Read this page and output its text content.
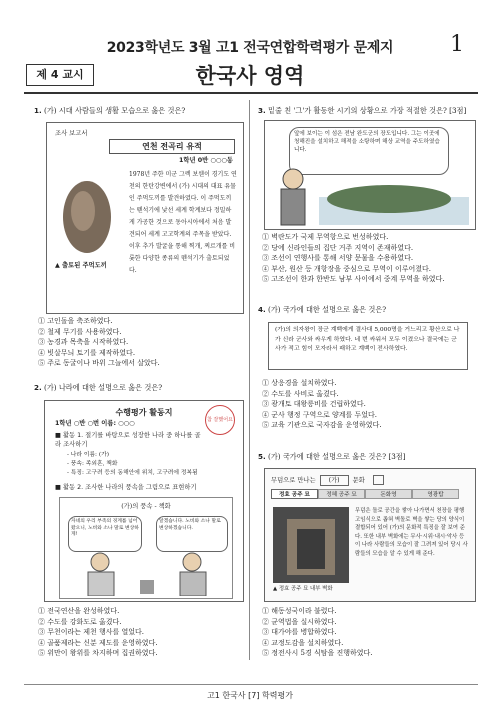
2023학년도 3월 고1 전국연합학력평가 문제지	1
제 4 교시	한국사 영역
1. (가) 시대 사람들의 생활 모습으로 옳은 것은?
조사 보고서
연천 전곡리 유적
1학년 0반 ○○○동
▲ 출토된 주먹도끼
1978년 주한 미군 그렉 보웬이 경기도 연천의 한탄강변에서 (가) 시대의 대표 유물인 주먹도끼를 발견하였다. 이 주먹도끼는 뗀석기에 낯선 세계 학계보다 정밀하게 가공한 것으로 동아시아에서 처음 발견되어 세계 고고학계의 주목을 받았다. 이후 추가 발굴을 통해 찍개, 찌르개를 비롯한 다양한 종류의 뗀석기가 출토되었다.
① 고인돌을 축조하였다.
② 철제 무기를 사용하였다.
③ 농경과 목축을 시작하였다.
④ 빗살무늬 토기를 제작하였다.
⑤ 주로 동굴이나 바위 그늘에서 살았다.
2. (가) 나라에 대한 설명으로 옳은 것은?
수행평가 활동지
1학년 ○반 ○번 이름: ○○○	참 잘했어요
■ 활동 1. 절기를 바탕으로 성장한 나라 중 하나를 골라 조사하기
- 나라 이름: (가)
- 풍속: 족외혼, 책화
- 특징: 고구려 등의 동해안에 위치, 고구려에 정복됨
■ 활동 2. 조사한 나라의 풍속을 그림으로 표현하기
(가)의 풍속 - 책화
자네의 우리 부족의 경계를 넘어왔으니, 노비와 소나 말로 변상하게!
알겠습니다. 노비와 소나 말로 변상하겠습니다.
① 전국연산을 완성하였다.
② 수도를 강화도로 옮겼다.
③ 무천이라는 제천 행사를 열었다.
④ 골품제라는 신분 제도를 운영하였다.
⑤ 위만이 왕위를 차지하며 집권하였다.
3. 밑줄 친 '그'가 활동한 시기의 상황으로 가장 적절한 것은? [3점]
앞에 보이는 이 섬은 전남 완도군의 장도입니다. 그는 이곳에 청해진을 설치하고 해적을 소탕하며 해상 교역을 주도하였습니다.
① 벽란도가 국제 무역항으로 번성하였다.
② 당에 신라인들의 집단 거주 지역이 존재하였다.
③ 조선이 연행사를 통해 서양 문물을 수용하였다.
④ 부산, 원산 등 개항장을 중심으로 무역이 이루어졌다.
⑤ 고조선이 한과 한반도 남부 사이에서 중계 무역을 하였다.
4. (가) 국가에 대한 설명으로 옳은 것은?
(가)의 의자왕이 장군 계백에게 결사대 5,000명을 거느리고 황산으로 나가 신라 군사와 싸우게 하였다. 네 번 싸워서 모두 이겼으나 결국에는 군사가 적고 힘이 모자라서 패하고 계백이 전사하였다.
① 상응경을 설치하였다.
② 수도를 사비로 옮겼다.
③ 광개토 대왕릉비를 건립하였다.
④ 군사 행정 구역으로 양계를 두었다.
⑤ 교육 기관으로 국자감을 운영하였다.
5. (가) 국가에 대한 설명으로 옳은 것은? [3점]
무덤으로 만나는 (가) 문화
정효 공주 묘	정혜 공주 묘	돈화영	영광탑
▲ 정효 공주 묘 내부 벽화
무덤은 돌로 공간을 쌓아 나가면서 천장을 평행 고임식으로 좁혀 벽돌로 벽을 쌓는 당의 양식이 결합되어 있어 (가)의 문화적 특징을 잘 보여 준다. 또한 내부 벽화에는 무사·시위·내시·악사 등이 나라 사람들의 모습이 잘 그려져 있어 당시 사람들의 모습을 알 수 있게 해 준다.
① 해동성국이라 불렸다.
② 균역법을 실시하였다.
③ 대가야를 병합하였다.
④ 교정도감을 설치하였다.
⑤ 정전사시 5경 식탐을 진행하였다.
고1 한국사 [7] 학력평가
